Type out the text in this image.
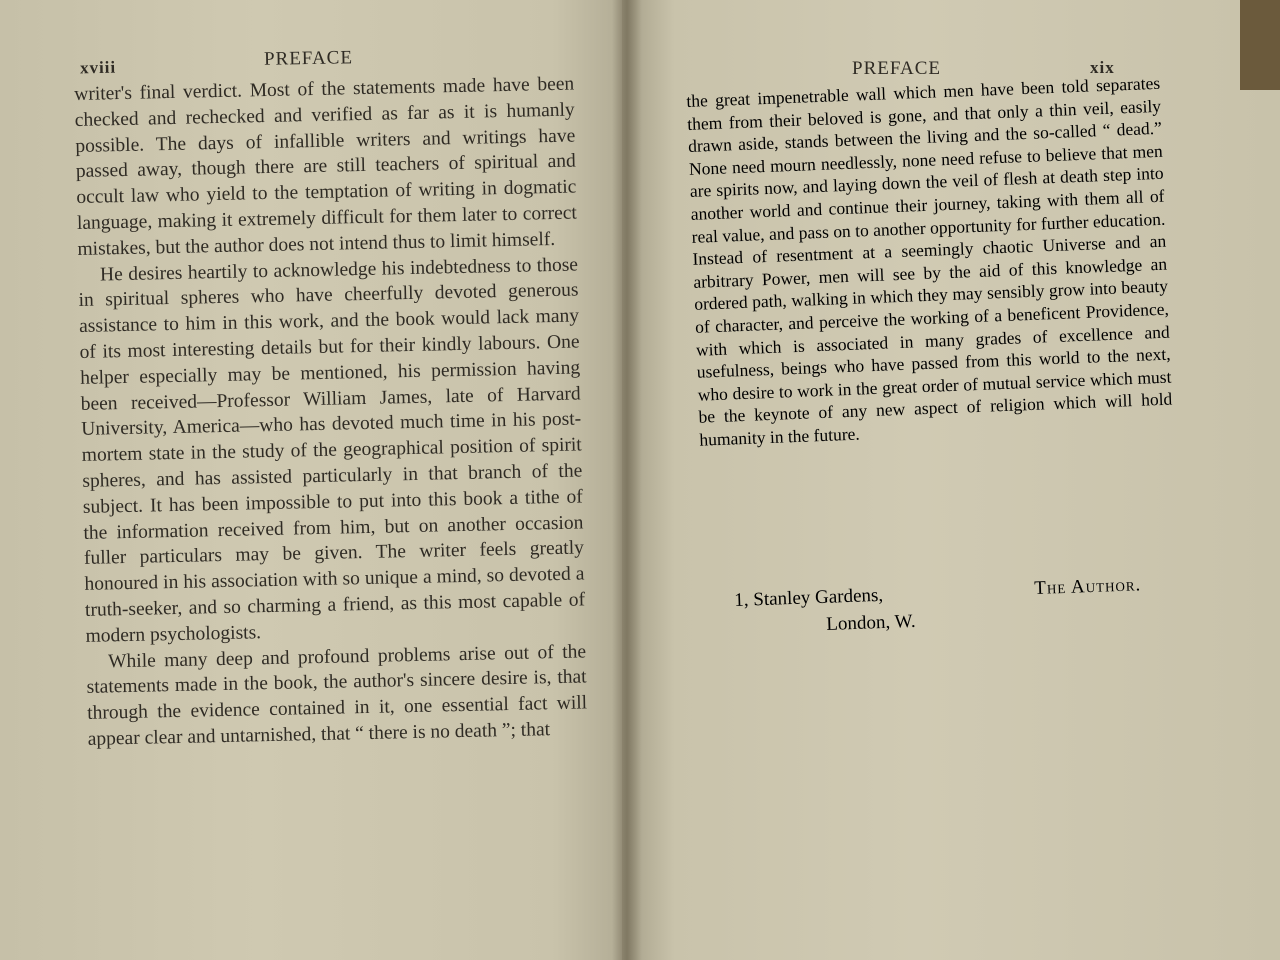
xviii	PREFACE

writer's final verdict. Most of the statements made have been checked and rechecked and verified as far as it is humanly possible. The days of infallible writers and writings have passed away, though there are still teachers of spiritual and occult law who yield to the temptation of writing in dogmatic language, making it extremely difficult for them later to correct mistakes, but the author does not intend thus to limit himself.

He desires heartily to acknowledge his indebtedness to those in spiritual spheres who have cheerfully devoted generous assistance to him in this work, and the book would lack many of its most interesting details but for their kindly labours. One helper especially may be mentioned, his permission having been received—Professor William James, late of Harvard University, America—who has devoted much time in his post-mortem state in the study of the geographical position of spirit spheres, and has assisted particularly in that branch of the subject. It has been impossible to put into this book a tithe of the information received from him, but on another occasion fuller particulars may be given. The writer feels greatly honoured in his association with so unique a mind, so devoted a truth-seeker, and so charming a friend, as this most capable of modern psychologists.

While many deep and profound problems arise out of the statements made in the book, the author's sincere desire is, that through the evidence contained in it, one essential fact will appear clear and untarnished, that “ there is no death ”; that

PREFACE	xix

the great impenetrable wall which men have been told separates them from their beloved is gone, and that only a thin veil, easily drawn aside, stands between the living and the so-called “ dead.” None need mourn needlessly, none need refuse to believe that men are spirits now, and laying down the veil of flesh at death step into another world and continue their journey, taking with them all of real value, and pass on to another opportunity for further education. Instead of resentment at a seemingly chaotic Universe and an arbitrary Power, men will see by the aid of this knowledge an ordered path, walking in which they may sensibly grow into beauty of character, and perceive the working of a beneficent Providence, with which is associated in many grades of excellence and usefulness, beings who have passed from this world to the next, who desire to work in the great order of mutual service which must be the keynote of any new aspect of religion which will hold humanity in the future.

The Author.
1, Stanley Gardens,
London, W.
